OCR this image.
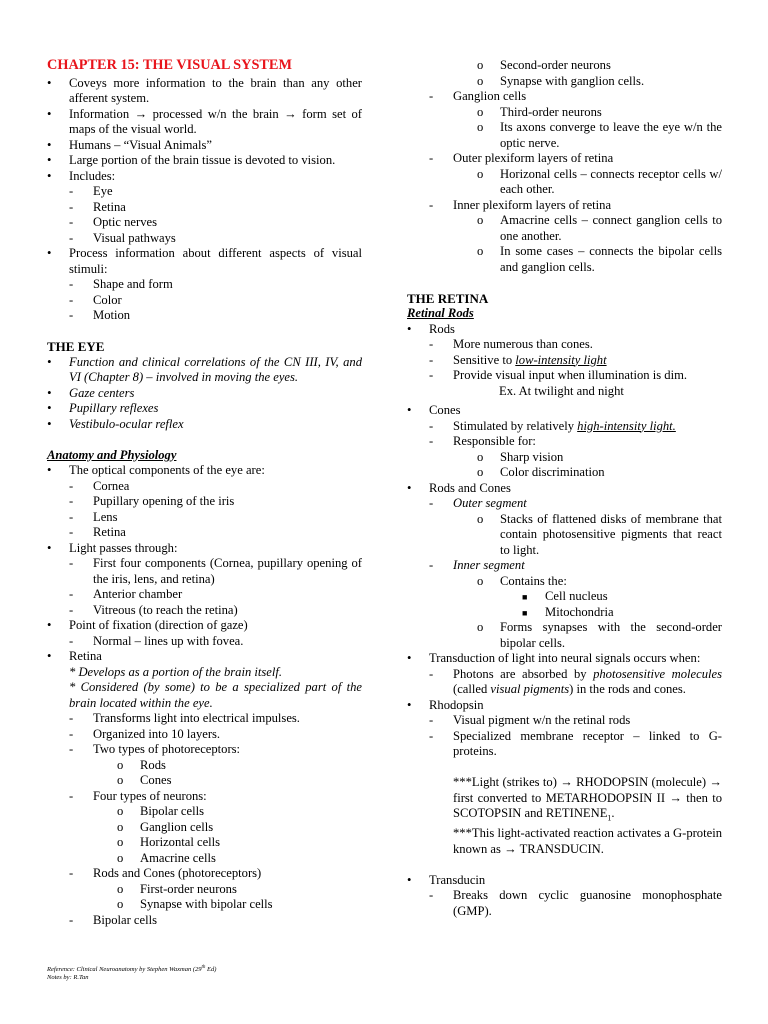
CHAPTER 15: THE VISUAL SYSTEM
• Coveys more information to the brain than any other afferent system.
• Information → processed w/n the brain → form set of maps of the visual world.
• Humans – “Visual Animals”
• Large portion of the brain tissue is devoted to vision.
• Includes:
- Eye
- Retina
- Optic nerves
- Visual pathways
• Process information about different aspects of visual stimuli:
- Shape and form
- Color
- Motion
THE EYE
• Function and clinical correlations of the CN III, IV, and VI (Chapter 8) – involved in moving the eyes.
• Gaze centers
• Pupillary reflexes
• Vestibulo-ocular reflex
Anatomy and Physiology
• The optical components of the eye are:
- Cornea
- Pupillary opening of the iris
- Lens
- Retina
• Light passes through:
- First four components (Cornea, pupillary opening of the iris, lens, and retina)
- Anterior chamber
- Vitreous (to reach the retina)
• Point of fixation (direction of gaze)
- Normal – lines up with fovea.
• Retina
* Develops as a portion of the brain itself.
* Considered (by some) to be a specialized part of the brain located within the eye.
- Transforms light into electrical impulses.
- Organized into 10 layers.
- Two types of photoreceptors:
o Rods
o Cones
- Four types of neurons:
o Bipolar cells
o Ganglion cells
o Horizontal cells
o Amacrine cells
- Rods and Cones (photoreceptors)
o First-order neurons
o Synapse with bipolar cells
- Bipolar cells
o Second-order neurons
o Synapse with ganglion cells.
- Ganglion cells
o Third-order neurons
o Its axons converge to leave the eye w/n the optic nerve.
- Outer plexiform layers of retina
o Horizonal cells – connects receptor cells w/ each other.
- Inner plexiform layers of retina
o Amacrine cells – connect ganglion cells to one another.
o In some cases – connects the bipolar cells and ganglion cells.
THE RETINA
Retinal Rods
• Rods
- More numerous than cones.
- Sensitive to low-intensity light
- Provide visual input when illumination is dim.
Ex. At twilight and night
• Cones
- Stimulated by relatively high-intensity light.
- Responsible for:
o Sharp vision
o Color discrimination
• Rods and Cones
- Outer segment
o Stacks of flattened disks of membrane that contain photosensitive pigments that react to light.
- Inner segment
o Contains the:
■ Cell nucleus
■ Mitochondria
o Forms synapses with the second-order bipolar cells.
• Transduction of light into neural signals occurs when:
- Photons are absorbed by photosensitive molecules (called visual pigments) in the rods and cones.
• Rhodopsin
- Visual pigment w/n the retinal rods
- Specialized membrane receptor – linked to G-proteins.
***Light (strikes to) → RHODOPSIN (molecule) → first converted to METARHODOPSIN II → then to SCOTOPSIN and $RETINENE_1$.
***This light-activated reaction activates a G-protein known as → TRANSDUCIN.
• Transducin
- Breaks down cyclic guanosine monophosphate (GMP).
Reference: Clinical Neuroanatomy by Stephen Waxman (29th Ed)
Notes by: R.Tan
